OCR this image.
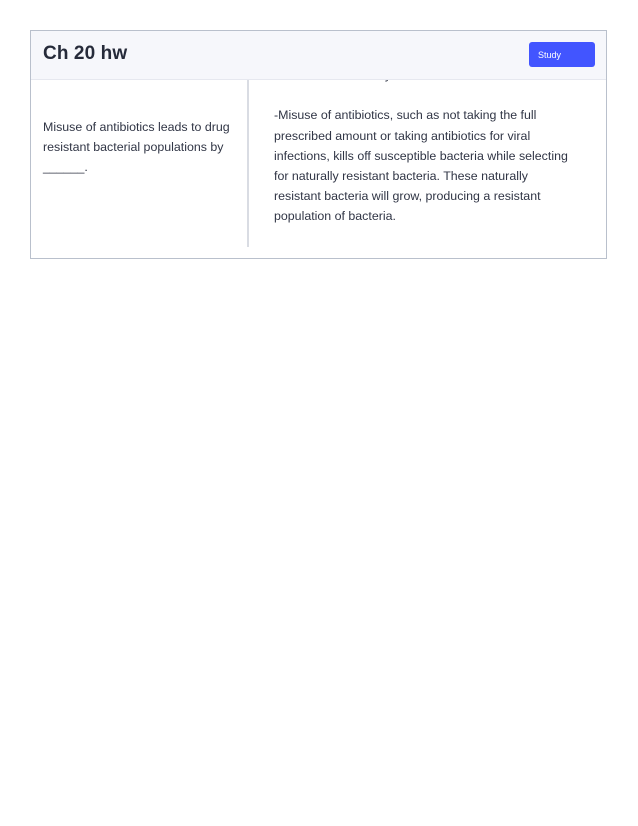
Misuse of antibiotics leads to drug resistant bacterial populations by ______.
-Misuse of antibiotics, such as not taking the full prescribed amount or taking antibiotics for viral infections, kills off susceptible bacteria while selecting for naturally resistant bacteria. These naturally resistant bacteria will grow, producing a resistant population of bacteria.
Ch 20 hw	Study
